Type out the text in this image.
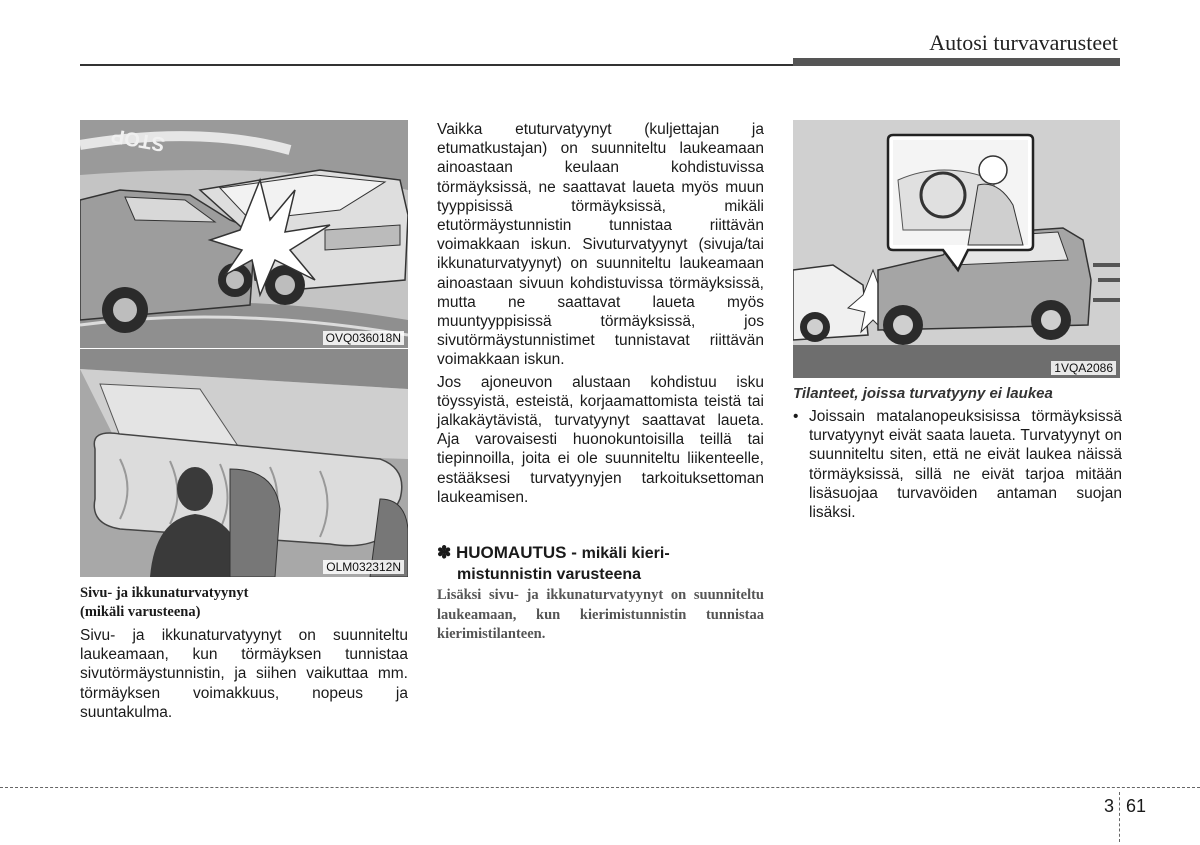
Autosi turvavarusteet
STOP
OVQ036018N
OLM032312N
Sivu- ja ikkunaturvatyynyt
(mikäli varusteena)

Sivu- ja ikkunaturvatyynyt on suunniteltu laukeamaan, kun törmäyksen tunnistaa sivutörmäystunnistin, ja siihen vaikuttaa mm. törmäyksen voimakkuus, nopeus ja suuntakulma.

Vaikka etuturvatyynyt (kuljettajan ja etumatkustajan) on suunniteltu laukeamaan ainoastaan keulaan kohdistuvissa törmäyksissä, ne saattavat laueta myös muun tyyppisissä törmäyksissä, mikäli etutörmäystunnistin tunnistaa riittävän voimakkaan iskun. Sivuturvatyynyt (sivuja/tai ikkunaturvatyynyt) on suunniteltu laukeamaan ainoastaan sivuun kohdistuvissa törmäyksissä, mutta ne saattavat laueta myös muuntyyppisissä törmäyksissä, jos sivutörmäystunnistimet tunnistavat riittävän voimakkaan iskun.

Jos ajoneuvon alustaan kohdistuu isku töyssyistä, esteistä, korjaamattomista teistä tai jalkakäytävistä, turvatyynyt saattavat laueta. Aja varovaisesti huonokuntoisilla teillä tai tiepinnoilla, joita ei ole suunniteltu liikenteelle, estääksesi turvatyynyjen tarkoituksettoman laukeamisen.

✽ HUOMAUTUS - mikäli kieri-
mistunnistin varusteena
Lisäksi sivu- ja ikkunaturvatyynyt on suunniteltu laukeamaan, kun kierimistunnistin tunnistaa kierimistilanteen.
1VQA2086
Tilanteet, joissa turvatyyny ei laukea
• Joissain matalanopeuksisissa törmäyksissä turvatyynyt eivät saata laueta. Turvatyynyt on suunniteltu siten, että ne eivät laukea näissä törmäyksissä, sillä ne eivät tarjoa mitään lisäsuojaa turvavöiden antaman suojan lisäksi.
3 61
